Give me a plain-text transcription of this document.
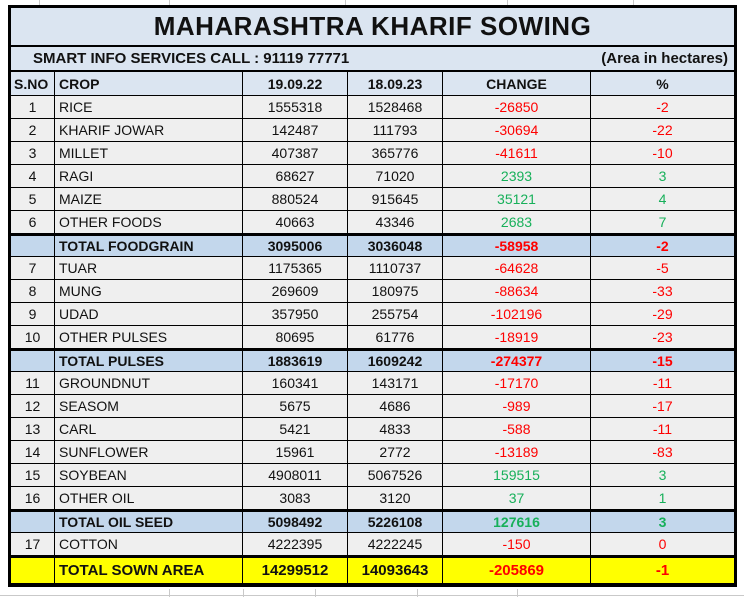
MAHARASHTRA KHARIF SOWING
SMART INFO SERVICES CALL : 91119 77771	(Area in hectares)
S.NO CROP	19.09.22	18.09.23	CHANGE	%
1	RICE	1555318	1528468	-26850	-2
2	KHARIF JOWAR	142487	111793	-30694	-22
3	MILLET	407387	365776	-41611	-10
4	RAGI	68627	71020	2393	3
5	MAIZE	880524	915645	35121	4
6	OTHER FOODS	40663	43346	2683	7
TOTAL FOODGRAIN	3095006	3036048	-58958	-2
7	TUAR	1175365	1110737	-64628	-5
8	MUNG	269609	180975	-88634	-33
9	UDAD	357950	255754	-102196	-29
10	OTHER PULSES	80695	61776	-18919	-23
TOTAL PULSES	1883619	1609242	-274377	-15
11	GROUNDNUT	160341	143171	-17170	-11
12	SEASOM	5675	4686	-989	-17
13	CARL	5421	4833	-588	-11
14	SUNFLOWER	15961	2772	-13189	-83
15	SOYBEAN	4908011	5067526	159515	3
16	OTHER OIL	3083	3120	37	1
TOTAL OIL SEED	5098492	5226108	127616	3
17	COTTON	4222395	4222245	-150	0
TOTAL SOWN AREA	14299512	14093643	-205869	-1
